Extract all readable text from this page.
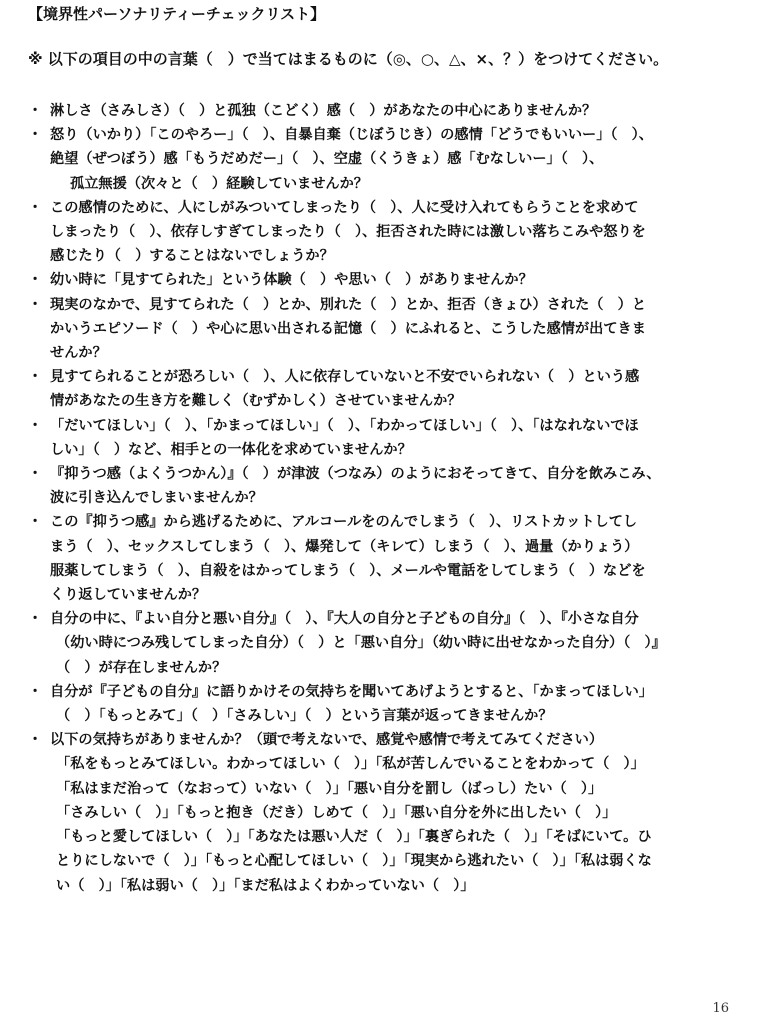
【境界性パーソナリティーチェックリスト】
※ 以下の項目の中の言葉（　）で当てはまるものに（◎、○、△、×、？）をつけてください。
・ 淋しさ（さみしさ）（　）と孤独（こどく）感（　）があなたの中心にありませんか？
・ 怒り（いかり）「このやろー」（　）、自暴自棄（じぼうじき）の感情「どうでもいいー」（　）、
絶望（ぜつぼう）感「もうだめだー」（　）、空虚（くうきょ）感「むなしいー」（　）、
孤立無援（次々と（　）経験していませんか？
・ この感情のために、人にしがみついてしまったり（　）、人に受け入れてもらうことを求めて
しまったり（　）、依存しすぎてしまったり（　）、拒否された時には激しい落ちこみや怒りを
感じたり（　）することはないでしょうか？
・ 幼い時に「見すてられた」という体験（　）や思い（　）がありませんか？
・ 現実のなかで、見すてられた（　）とか、別れた（　）とか、拒否（きょひ）された（　）と
かいうエピソード（　）や心に思い出される記憶（　）にふれると、こうした感情が出てきま
せんか？
・ 見すてられることが恐ろしい（　）、人に依存していないと不安でいられない（　）という感
情があなたの生き方を難しく（むずかしく）させていませんか？
・ 「だいてほしい」（　）、「かまってほしい」（　）、「わかってほしい」（　）、「はなれないでほ
しい」（　）など、相手との一体化を求めていませんか？
・ 『抑うつ感（よくうつかん）』（　）が津波（つなみ）のようにおそってきて、自分を飲みこみ、
波に引き込んでしまいませんか？
・ この『抑うつ感』から逃げるために、アルコールをのんでしまう（　）、リストカットしてし
まう（　）、セックスしてしまう（　）、爆発して（キレて）しまう（　）、過量（かりょう）
服薬してしまう（　）、自殺をはかってしまう（　）、メールや電話をしてしまう（　）などを
くり返していませんか？
・ 自分の中に、『よい自分と悪い自分』（　）、『大人の自分と子どもの自分』（　）、『小さな自分
（幼い時につみ残してしまった自分）（　）と「悪い自分」（幼い時に出せなかった自分）（　）』
（　）が存在しませんか？
・ 自分が『子どもの自分』に語りかけその気持ちを聞いてあげようとすると、「かまってほしい」
（　）「もっとみて」（　）「さみしい」（　）という言葉が返ってきませんか？
・ 以下の気持ちがありませんか？（頭で考えないで、感覚や感情で考えてみてください）
「私をもっとみてほしい。わかってほしい（　）」「私が苦しんでいることをわかって（　）」
「私はまだ治って（なおって）いない（　）」「悪い自分を罰し（ばっし）たい（　）」
「さみしい（　）」「もっと抱き（だき）しめて（　）」「悪い自分を外に出したい（　）」
「もっと愛してほしい（　）」「あなたは悪い人だ（　）」「裏ぎられた（　）」「そばにいて。ひ
とりにしないで（　）」「もっと心配してほしい（　）」「現実から逃れたい（　）」「私は弱くな
い（　）」「私は弱い（　）」「まだ私はよくわかっていない（　）」
16
